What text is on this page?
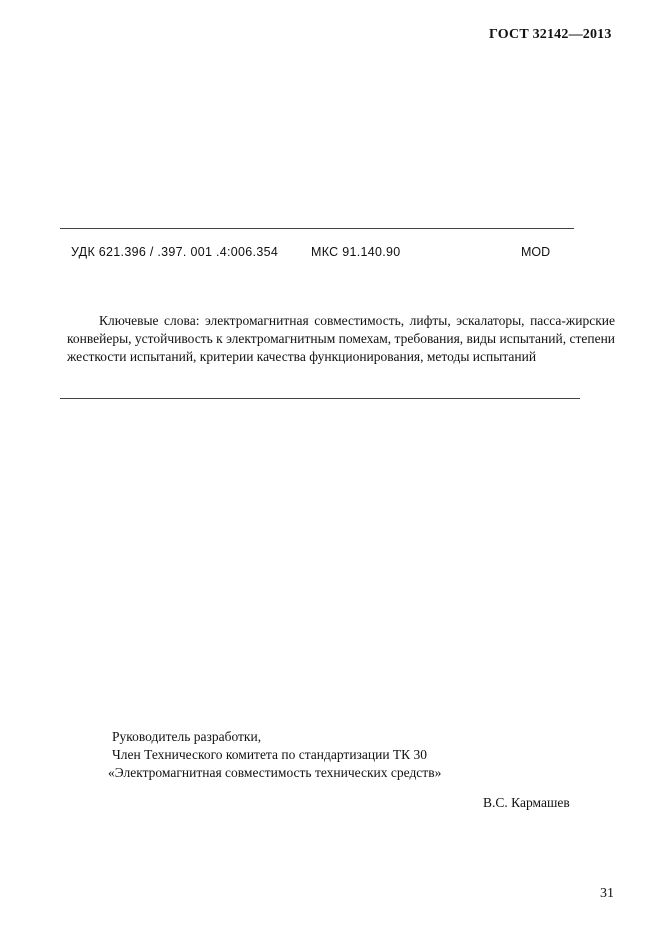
ГОСТ 32142—2013
УДК 621.396 / .397. 001 .4:006.354	МКС 91.140.90	MOD
Ключевые слова: электромагнитная совместимость, лифты, эскалаторы, пасса-жирские конвейеры, устойчивость к электромагнитным помехам, требования, виды испытаний, степени жесткости испытаний, критерии качества функционирования, методы испытаний
Руководитель разработки,
Член Технического комитета по стандартизации ТК 30
«Электромагнитная совместимость технических средств»
В.С. Кармашев
31
